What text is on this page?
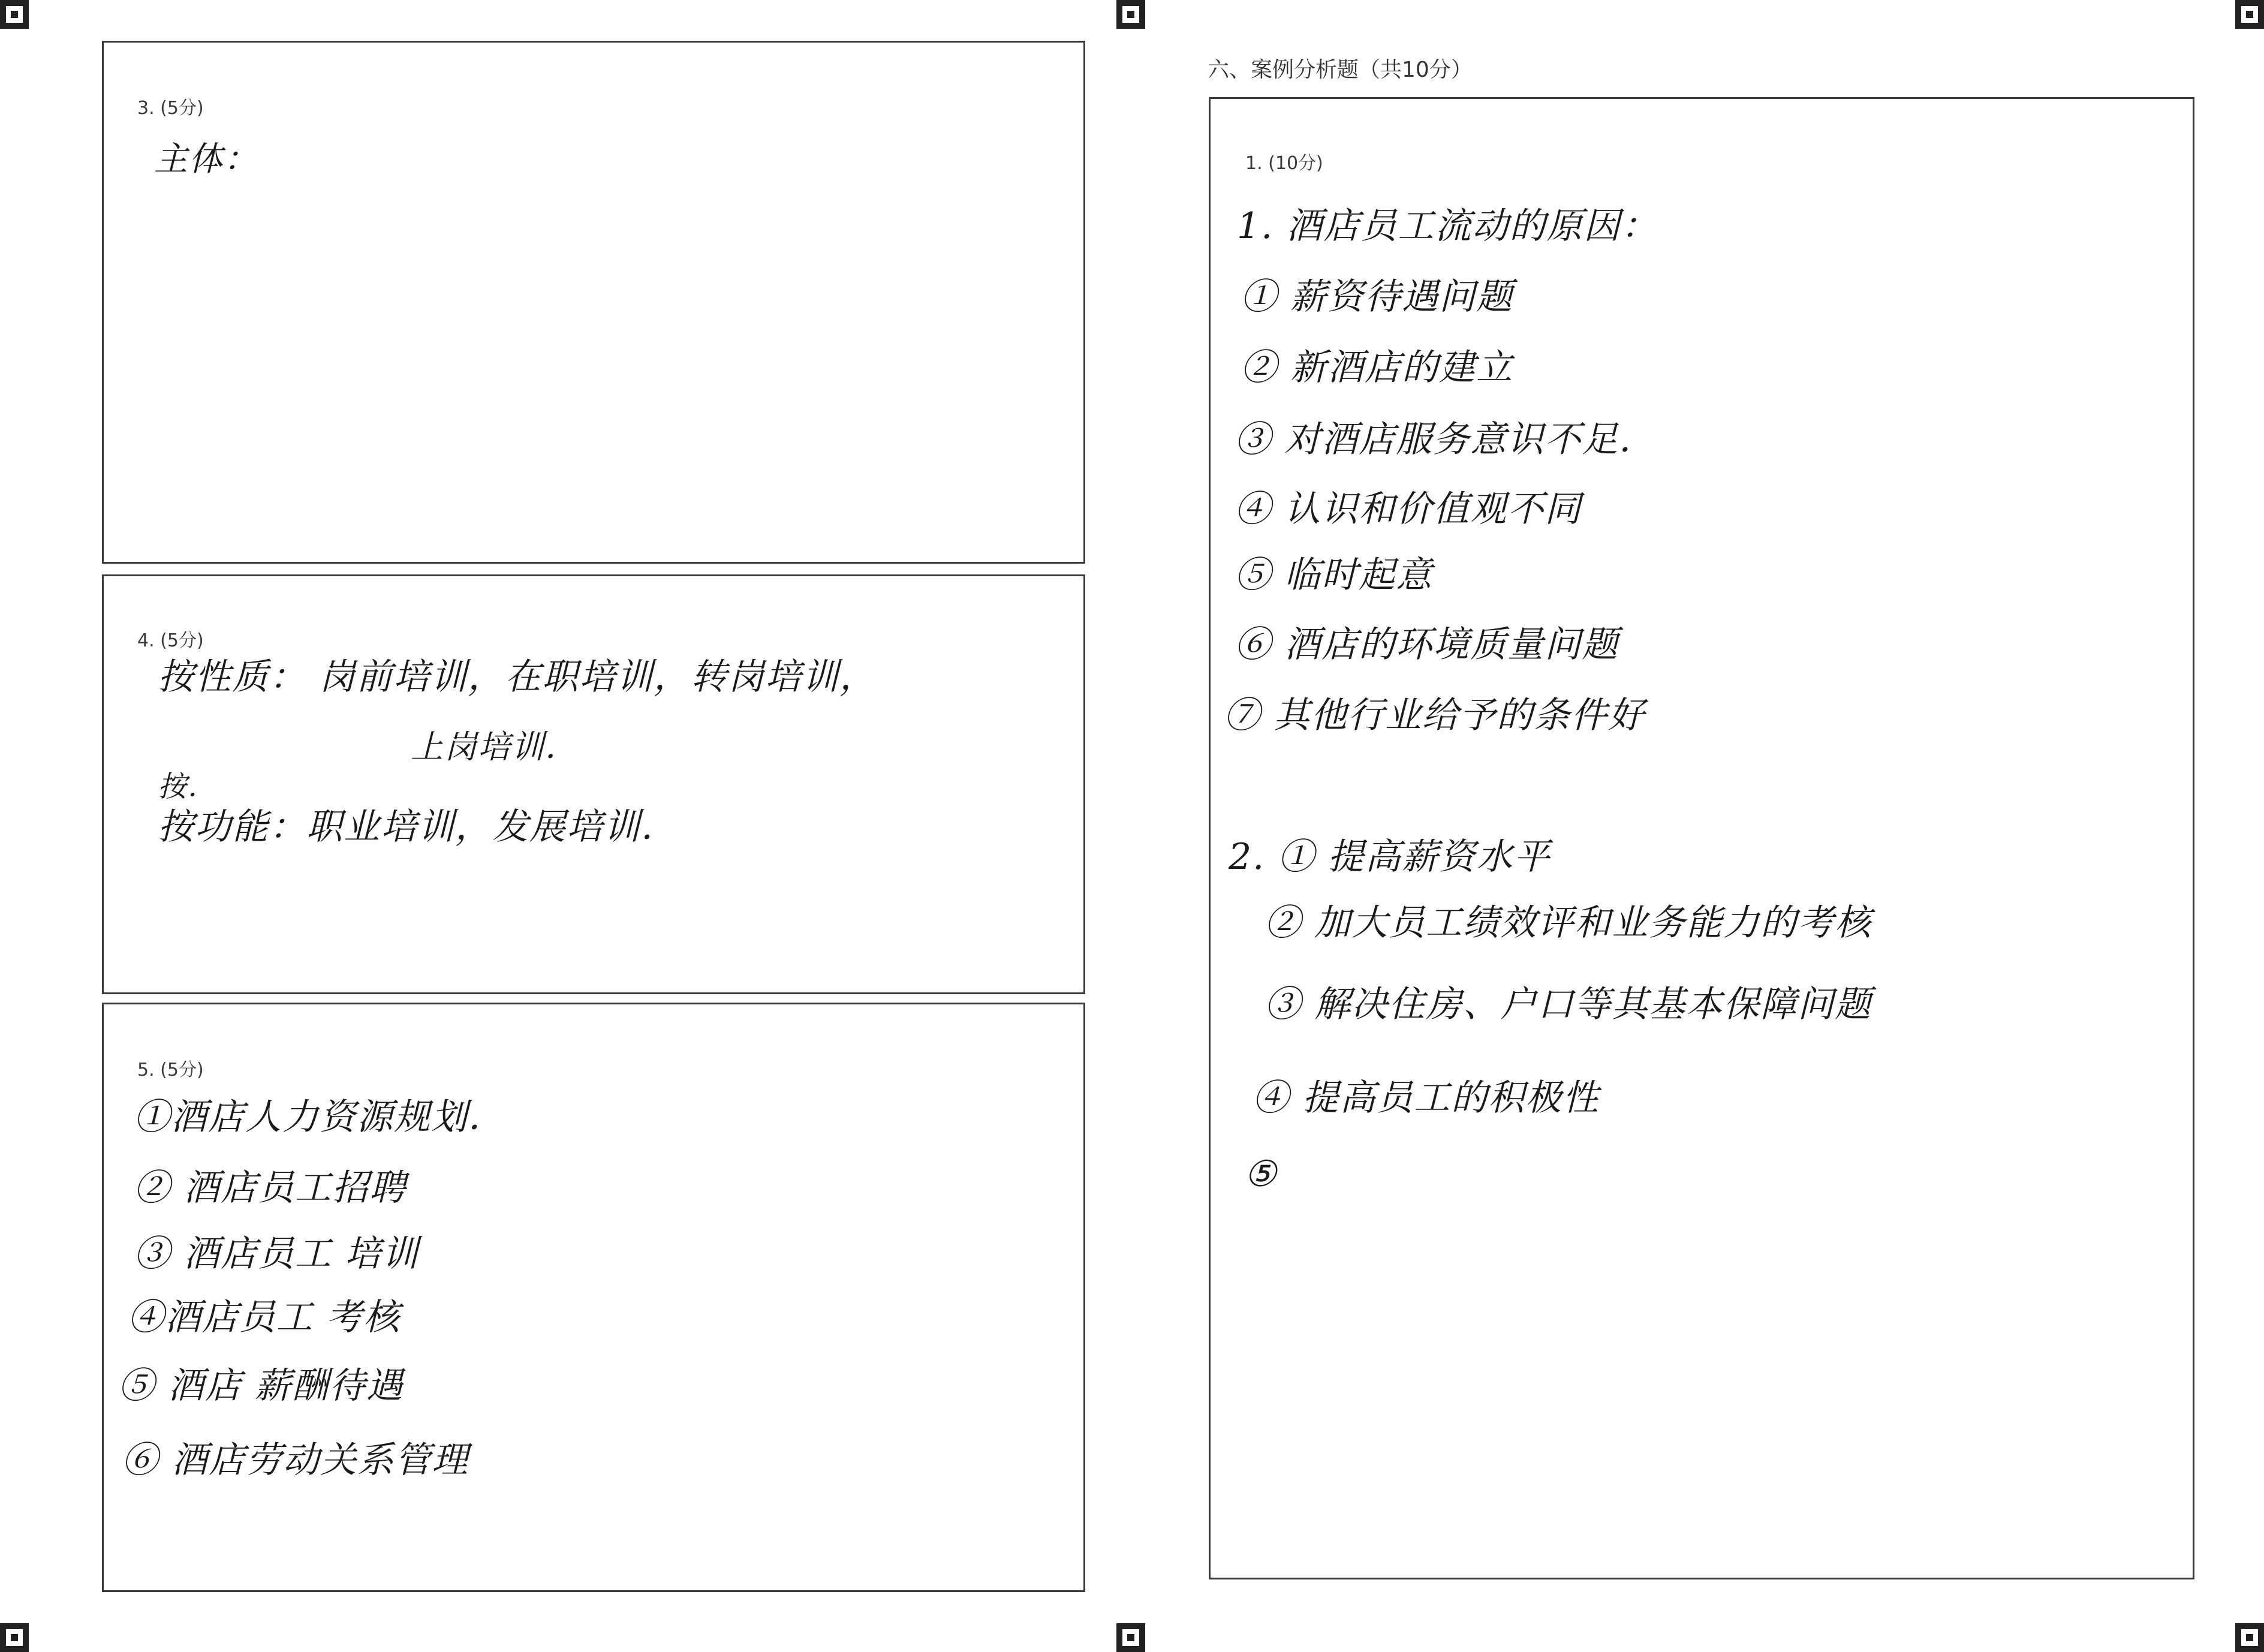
3. (5分)
主体：
4. (5分)
按性质： 岗前培训，在职培训，转岗培训，
上岗培训．
按．
按功能：职业培训，发展培训．
5. (5分)
①酒店人力资源规划．
② 酒店员工招聘
③ 酒店员工 培训
④酒店员工 考核
⑤ 酒店 薪酬待遇
⑥ 酒店劳动关系管理
六、案例分析题（共10分）
1. (10分)
1. 酒店员工流动的原因：
① 薪资待遇问题
② 新酒店的建立
③ 对酒店服务意识不足．
④ 认识和价值观不同
⑤ 临时起意
⑥ 酒店的环境质量问题
⑦ 其他行业给予的条件好
2. ① 提高薪资水平
② 加大员工绩效评和业务能力的考核
③ 解决住房、户口等其基本保障问题
④ 提高员工的积极性
⑤
